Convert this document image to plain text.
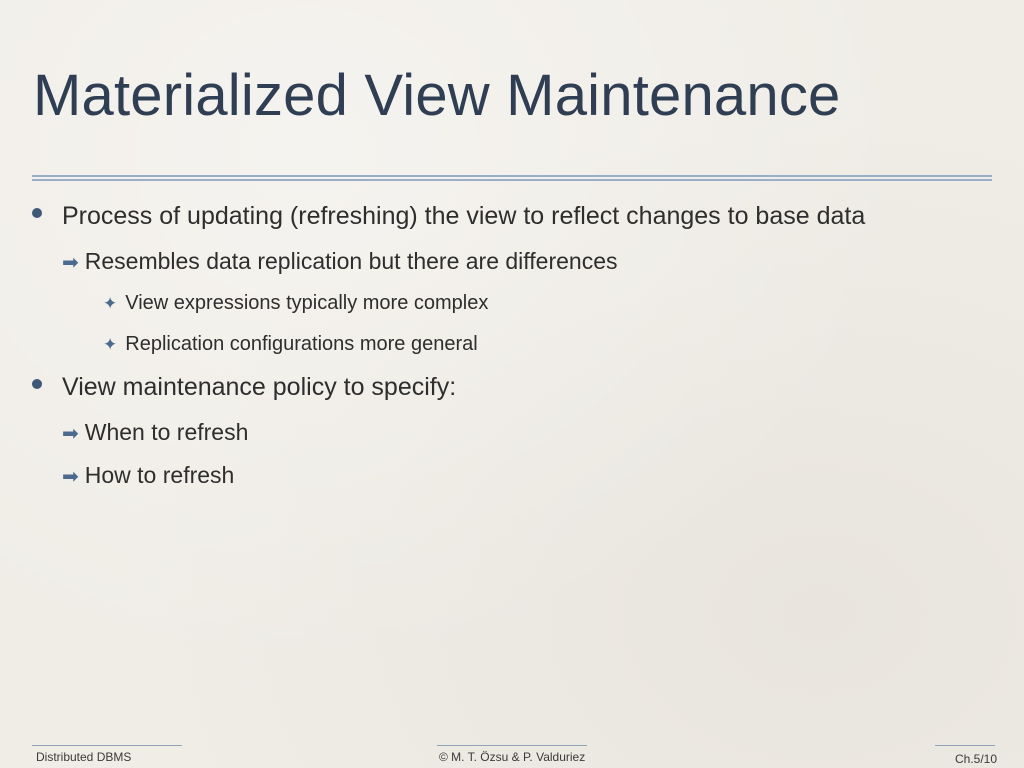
Materialized View Maintenance
Process of updating (refreshing) the view to reflect changes to base data
➡ Resembles data replication but there are differences
✦ View expressions typically more complex
✦ Replication configurations more general
View maintenance policy to specify:
➡ When to refresh
➡ How to refresh
Distributed DBMS	© M. T. Özsu & P. Valduriez	Ch.5/10
